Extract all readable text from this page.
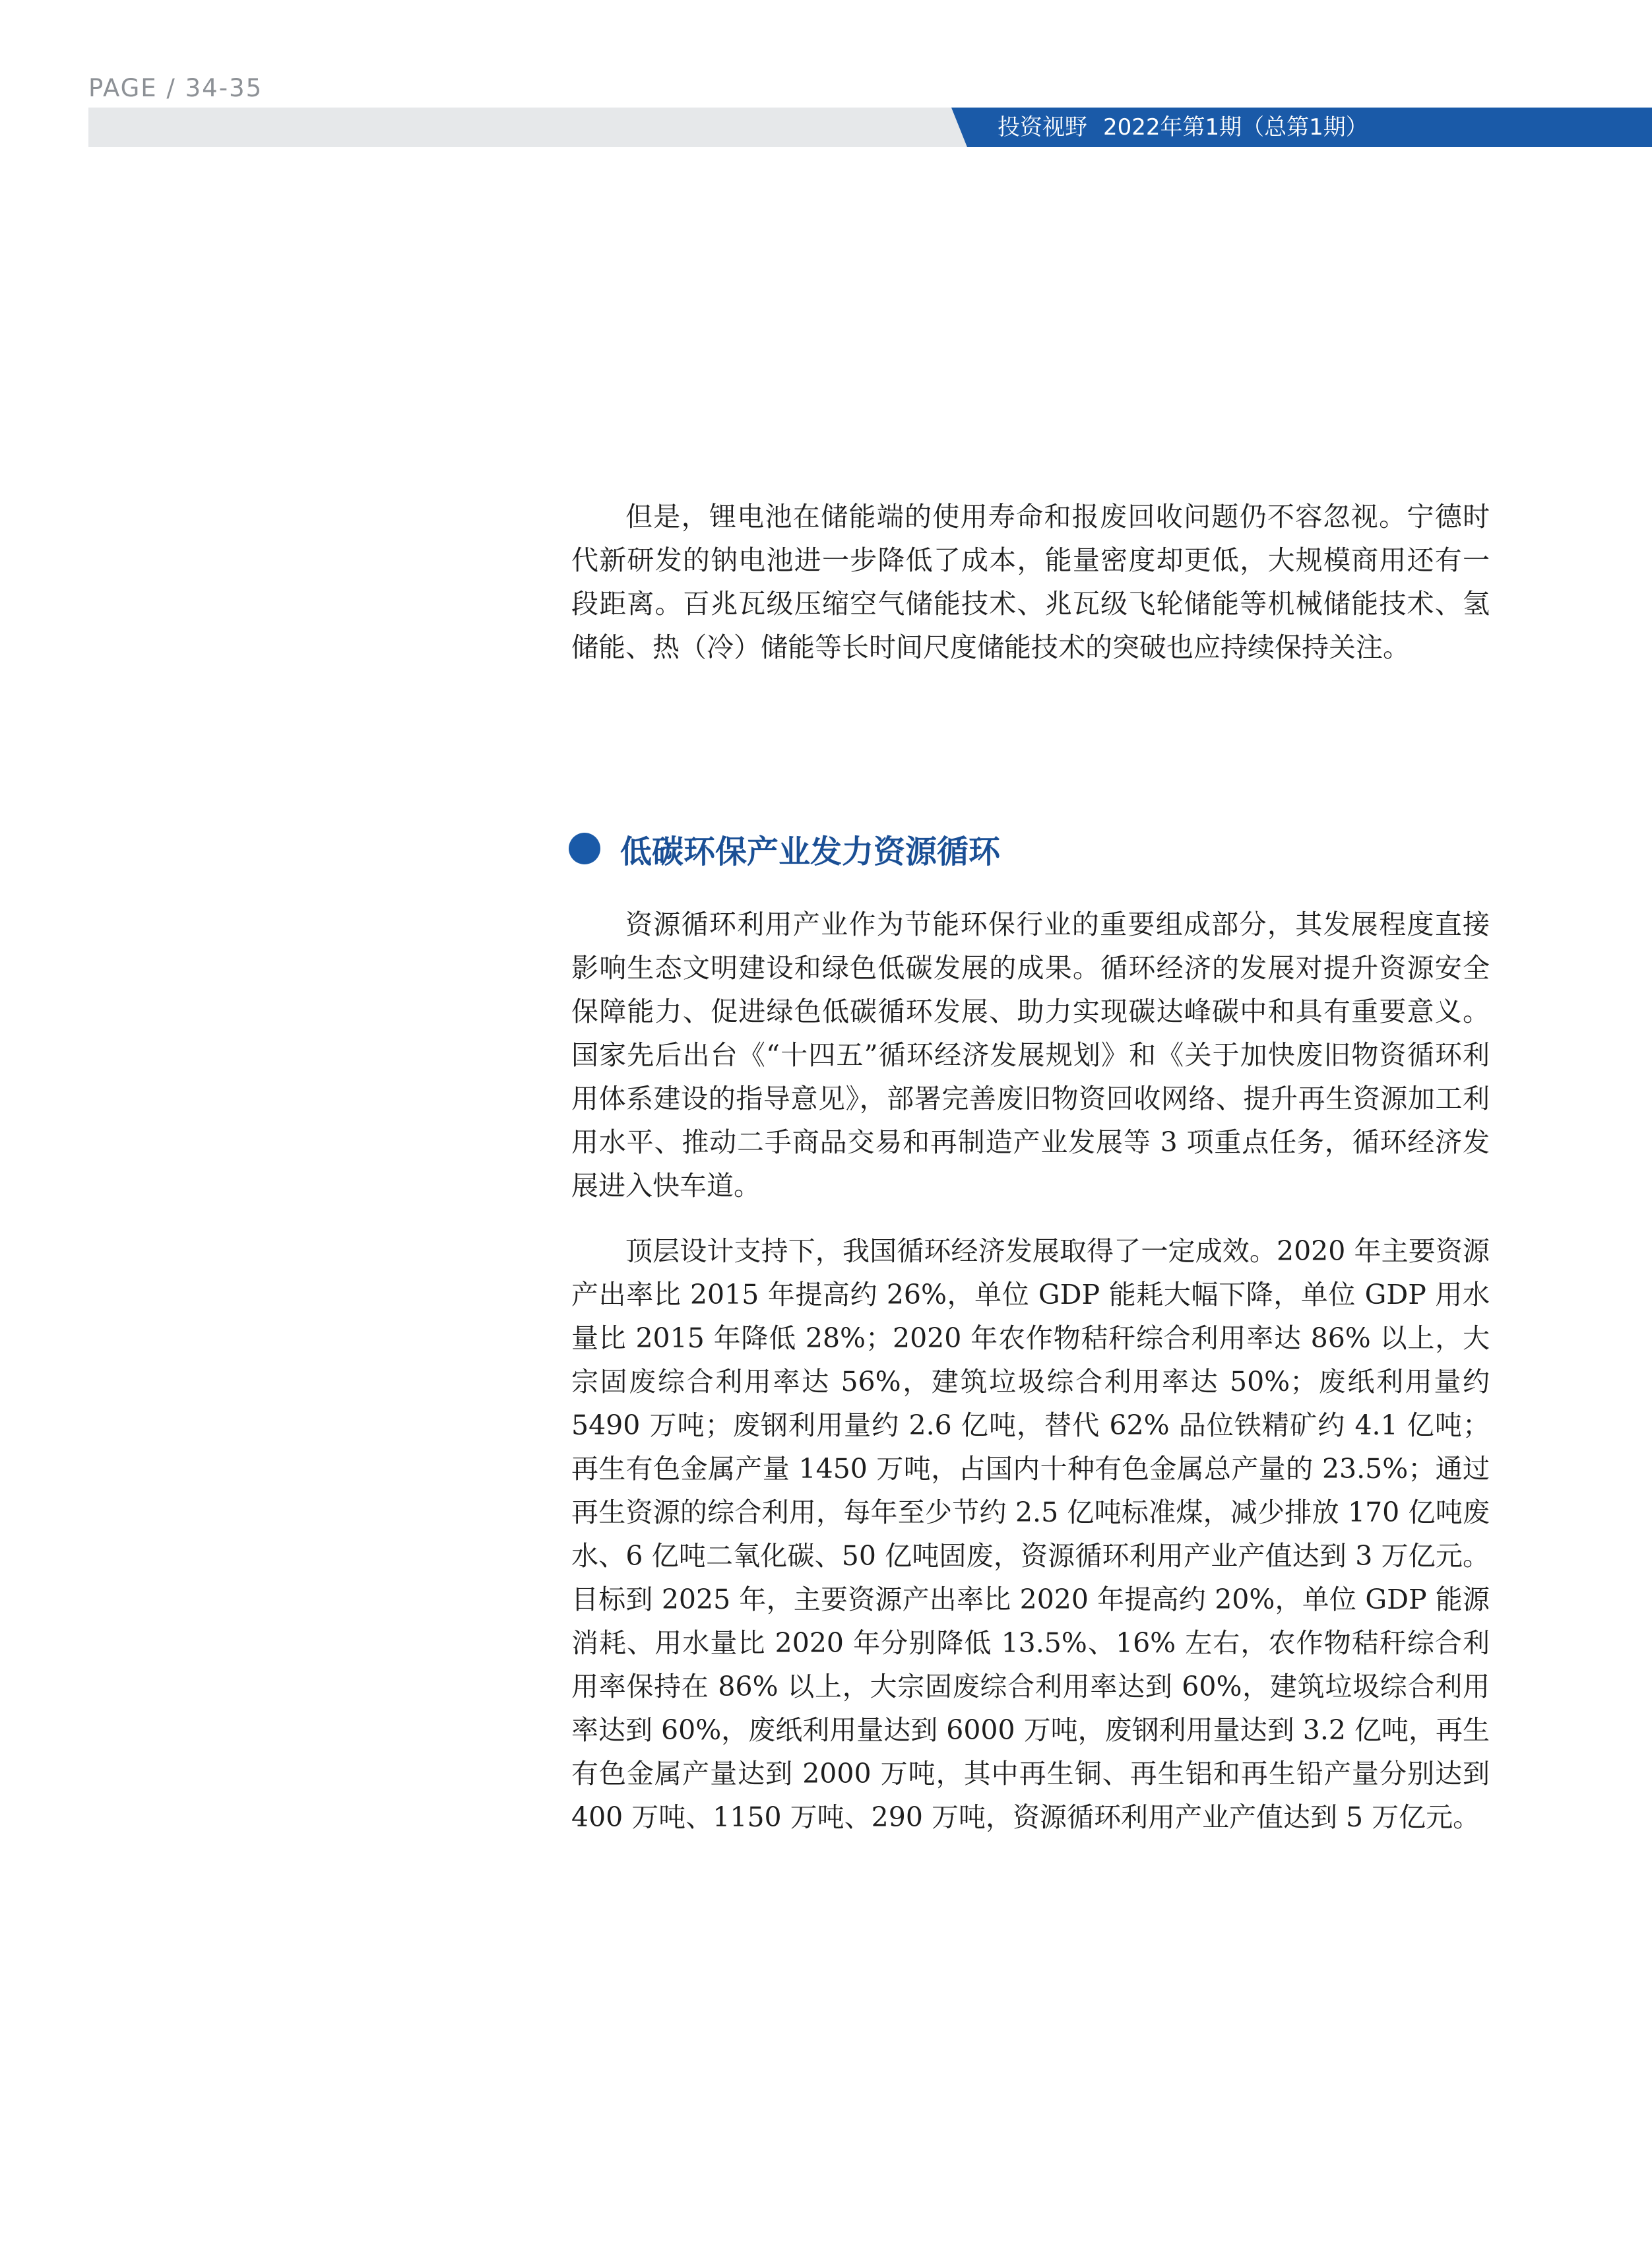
PAGE / 34-35
投资视野 2022年第1期（总第1期）

但是，锂电池在储能端的使用寿命和报废回收问题仍不容忽视。宁德时代新研发的钠电池进一步降低了成本，能量密度却更低，大规模商用还有一段距离。百兆瓦级压缩空气储能技术、兆瓦级飞轮储能等机械储能技术、氢储能、热（冷）储能等长时间尺度储能技术的突破也应持续保持关注。

低碳环保产业发力资源循环

资源循环利用产业作为节能环保行业的重要组成部分，其发展程度直接影响生态文明建设和绿色低碳发展的成果。循环经济的发展对提升资源安全保障能力、促进绿色低碳循环发展、助力实现碳达峰碳中和具有重要意义。国家先后出台《“十四五”循环经济发展规划》和《关于加快废旧物资循环利用体系建设的指导意见》，部署完善废旧物资回收网络、提升再生资源加工利用水平、推动二手商品交易和再制造产业发展等 3 项重点任务，循环经济发展进入快车道。

顶层设计支持下，我国循环经济发展取得了一定成效。2020 年主要资源产出率比 2015 年提高约 26%，单位 GDP 能耗大幅下降，单位 GDP 用水量比 2015 年降低 28%；2020 年农作物秸秆综合利用率达 86% 以上，大宗固废综合利用率达 56%，建筑垃圾综合利用率达 50%；废纸利用量约 5490 万吨；废钢利用量约 2.6 亿吨，替代 62% 品位铁精矿约 4.1 亿吨；再生有色金属产量 1450 万吨，占国内十种有色金属总产量的 23.5%；通过再生资源的综合利用，每年至少节约 2.5 亿吨标准煤，减少排放 170 亿吨废水、6 亿吨二氧化碳、50 亿吨固废，资源循环利用产业产值达到 3 万亿元。目标到 2025 年，主要资源产出率比 2020 年提高约 20%，单位 GDP 能源消耗、用水量比 2020 年分别降低 13.5%、16% 左右，农作物秸秆综合利用率保持在 86% 以上，大宗固废综合利用率达到 60%，建筑垃圾综合利用率达到 60%，废纸利用量达到 6000 万吨，废钢利用量达到 3.2 亿吨，再生有色金属产量达到 2000 万吨，其中再生铜、再生铝和再生铅产量分别达到 400 万吨、1150 万吨、290 万吨，资源循环利用产业产值达到 5 万亿元。
